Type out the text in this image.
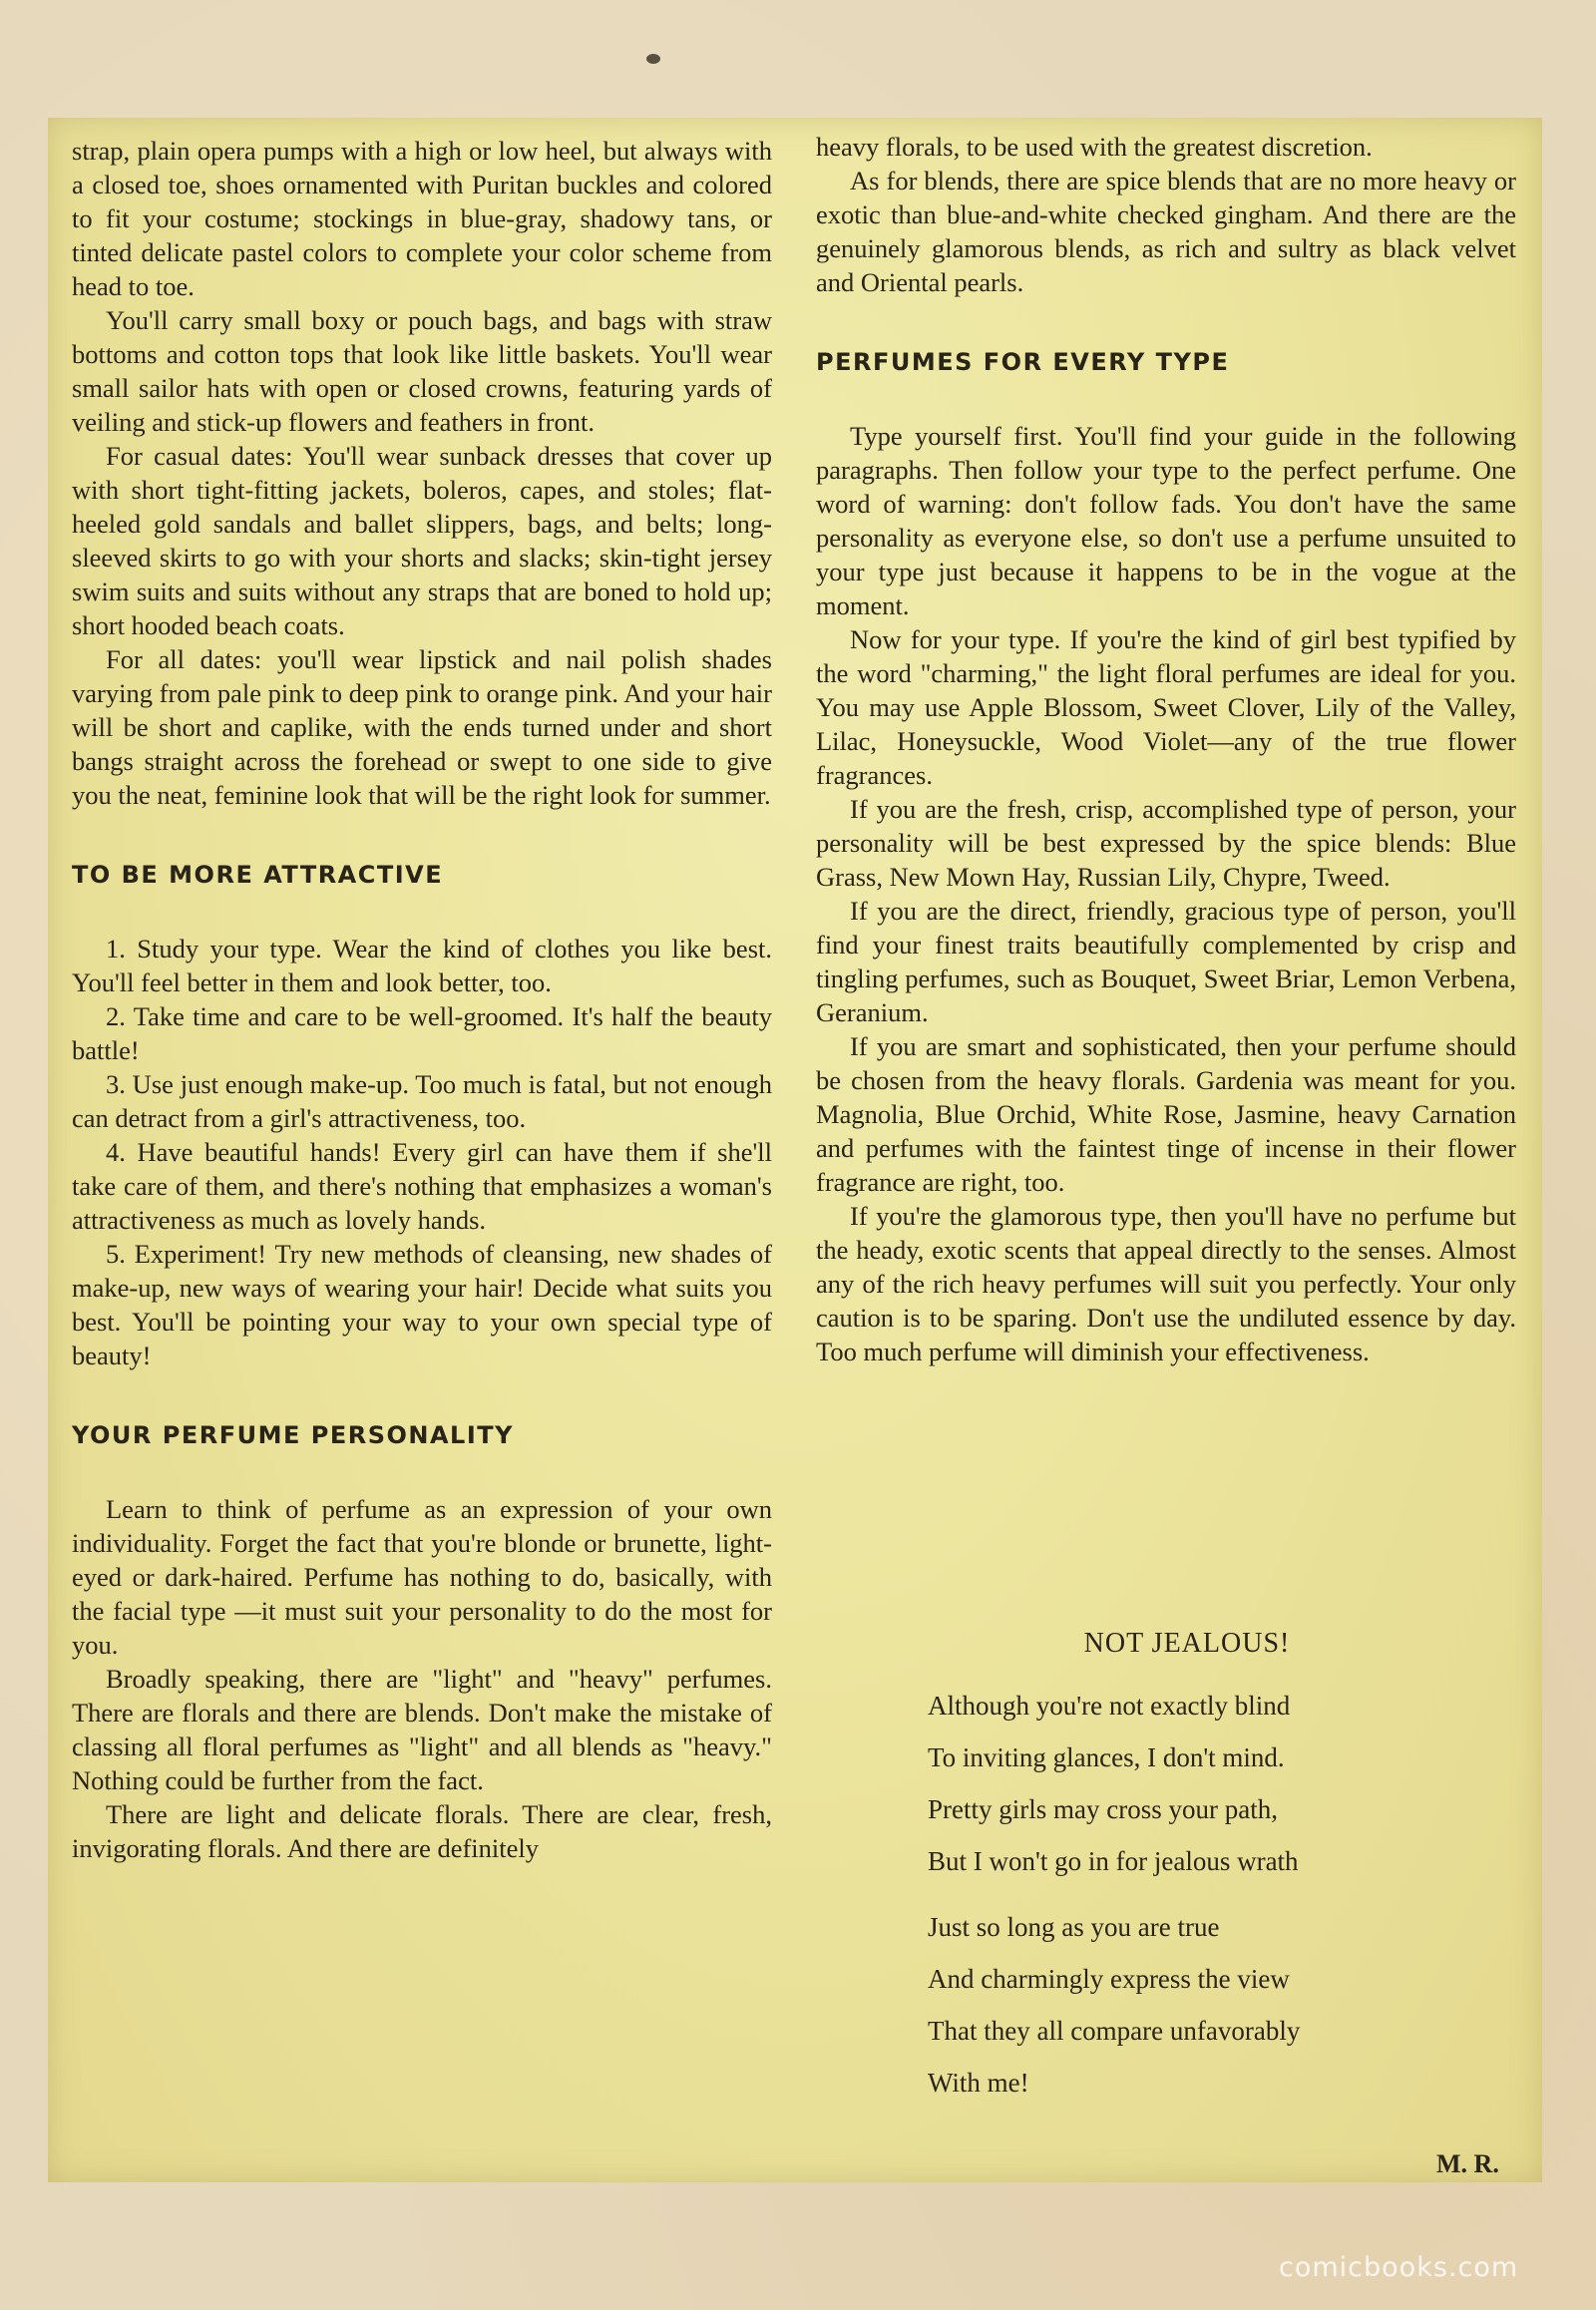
strap, plain opera pumps with a high or low heel, but always with a closed toe, shoes ornamented with Puritan buckles and colored to fit your costume; stockings in blue-gray, shadowy tans, or tinted delicate pastel colors to complete your color scheme from head to toe.

You'll carry small boxy or pouch bags, and bags with straw bottoms and cotton tops that look like little baskets. You'll wear small sailor hats with open or closed crowns, featuring yards of veiling and stick-up flowers and feathers in front.

For casual dates: You'll wear sunback dresses that cover up with short tight-fitting jackets, boleros, capes, and stoles; flat-heeled gold sandals and ballet slippers, bags, and belts; long-sleeved skirts to go with your shorts and slacks; skin-tight jersey swim suits and suits without any straps that are boned to hold up; short hooded beach coats.

For all dates: you'll wear lipstick and nail polish shades varying from pale pink to deep pink to orange pink. And your hair will be short and caplike, with the ends turned under and short bangs straight across the forehead or swept to one side to give you the neat, feminine look that will be the right look for summer.

TO BE MORE ATTRACTIVE

1. Study your type. Wear the kind of clothes you like best. You'll feel better in them and look better, too.

2. Take time and care to be well-groomed. It's half the beauty battle!

3. Use just enough make-up. Too much is fatal, but not enough can detract from a girl's attractiveness, too.

4. Have beautiful hands! Every girl can have them if she'll take care of them, and there's nothing that emphasizes a woman's attractiveness as much as lovely hands.

5. Experiment! Try new methods of cleansing, new shades of make-up, new ways of wearing your hair! Decide what suits you best. You'll be pointing your way to your own special type of beauty!

YOUR PERFUME PERSONALITY

Learn to think of perfume as an expression of your own individuality. Forget the fact that you're blonde or brunette, light-eyed or dark-haired. Perfume has nothing to do, basically, with the facial type —it must suit your personality to do the most for you.

Broadly speaking, there are "light" and "heavy" perfumes. There are florals and there are blends. Don't make the mistake of classing all floral perfumes as "light" and all blends as "heavy." Nothing could be further from the fact.

There are light and delicate florals. There are clear, fresh, invigorating florals. And there are definitely

heavy florals, to be used with the greatest discretion.

As for blends, there are spice blends that are no more heavy or exotic than blue-and-white checked gingham. And there are the genuinely glamorous blends, as rich and sultry as black velvet and Oriental pearls.

PERFUMES FOR EVERY TYPE

Type yourself first. You'll find your guide in the following paragraphs. Then follow your type to the perfect perfume. One word of warning: don't follow fads. You don't have the same personality as everyone else, so don't use a perfume unsuited to your type just because it happens to be in the vogue at the moment.

Now for your type. If you're the kind of girl best typified by the word "charming," the light floral perfumes are ideal for you. You may use Apple Blossom, Sweet Clover, Lily of the Valley, Lilac, Honeysuckle, Wood Violet—any of the true flower fragrances.

If you are the fresh, crisp, accomplished type of person, your personality will be best expressed by the spice blends: Blue Grass, New Mown Hay, Russian Lily, Chypre, Tweed.

If you are the direct, friendly, gracious type of person, you'll find your finest traits beautifully complemented by crisp and tingling perfumes, such as Bouquet, Sweet Briar, Lemon Verbena, Geranium.

If you are smart and sophisticated, then your perfume should be chosen from the heavy florals. Gardenia was meant for you. Magnolia, Blue Orchid, White Rose, Jasmine, heavy Carnation and perfumes with the faintest tinge of incense in their flower fragrance are right, too.

If you're the glamorous type, then you'll have no perfume but the heady, exotic scents that appeal directly to the senses. Almost any of the rich heavy perfumes will suit you perfectly. Your only caution is to be sparing. Don't use the undiluted essence by day. Too much perfume will diminish your effectiveness.

NOT JEALOUS!
Although you're not exactly blind
To inviting glances, I don't mind.
Pretty girls may cross your path,
But I won't go in for jealous wrath
Just so long as you are true
And charmingly express the view
That they all compare unfavorably
With me!
M. R.
comicbooks.com
